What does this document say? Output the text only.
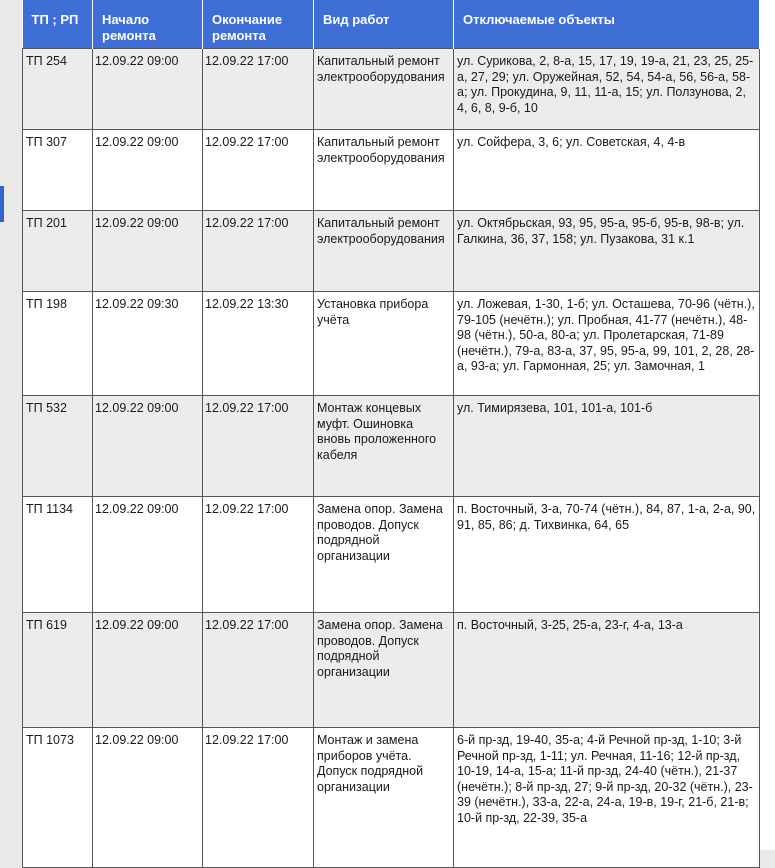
ТП ; РП	Начало ремонта	Окончание ремонта	Вид работ	Отключаемые объекты
ТП 254	12.09.22 09:00	12.09.22 17:00	Капитальный ремонт электрооборудования	ул. Сурикова, 2, 8-а, 15, 17, 19, 19-а, 21, 23, 25, 25-а, 27, 29; ул. Оружейная, 52, 54, 54-а, 56, 56-а, 58-а; ул. Прокудина, 9, 11, 11-а, 15; ул. Ползунова, 2, 4, 6, 8, 9-б, 10
ТП 307	12.09.22 09:00	12.09.22 17:00	Капитальный ремонт электрооборудования	ул. Сойфера, 3, 6; ул. Советская, 4, 4-в
ТП 201	12.09.22 09:00	12.09.22 17:00	Капитальный ремонт электрооборудования	ул. Октябрьская, 93, 95, 95-а, 95-б, 95-в, 98-в; ул. Галкина, 36, 37, 158; ул. Пузакова, 31 к.1
ТП 198	12.09.22 09:30	12.09.22 13:30	Установка прибора учёта	ул. Ложевая, 1-30, 1-б; ул. Осташева, 70-96 (чётн.), 79-105 (нечётн.); ул. Пробная, 41-77 (нечётн.), 48-98 (чётн.), 50-а, 80-а; ул. Пролетарская, 71-89 (нечётн.), 79-а, 83-а, 37, 95, 95-а, 99, 101, 2, 28, 28-а, 93-а; ул. Гармонная, 25; ул. Замочная, 1
ТП 532	12.09.22 09:00	12.09.22 17:00	Монтаж концевых муфт. Ошиновка вновь проложенного кабеля	ул. Тимирязева, 101, 101-а, 101-б
ТП 1134	12.09.22 09:00	12.09.22 17:00	Замена опор. Замена проводов. Допуск подрядной организации	п. Восточный, 3-а, 70-74 (чётн.), 84, 87, 1-а, 2-а, 90, 91, 85, 86; д. Тихвинка, 64, 65
ТП 619	12.09.22 09:00	12.09.22 17:00	Замена опор. Замена проводов. Допуск подрядной организации	п. Восточный, 3-25, 25-а, 23-г, 4-а, 13-а
ТП 1073	12.09.22 09:00	12.09.22 17:00	Монтаж и замена приборов учёта. Допуск подрядной организации	6-й пр-зд, 19-40, 35-а; 4-й Речной пр-зд, 1-10; 3-й Речной пр-зд, 1-11; ул. Речная, 11-16; 12-й пр-зд, 10-19, 14-а, 15-а; 11-й пр-зд, 24-40 (чётн.), 21-37 (нечётн.); 8-й пр-зд, 27; 9-й пр-зд, 20-32 (чётн.), 23-39 (нечётн.), 33-а, 22-а, 24-а, 19-в, 19-г, 21-б, 21-в; 10-й пр-зд, 22-39, 35-а
